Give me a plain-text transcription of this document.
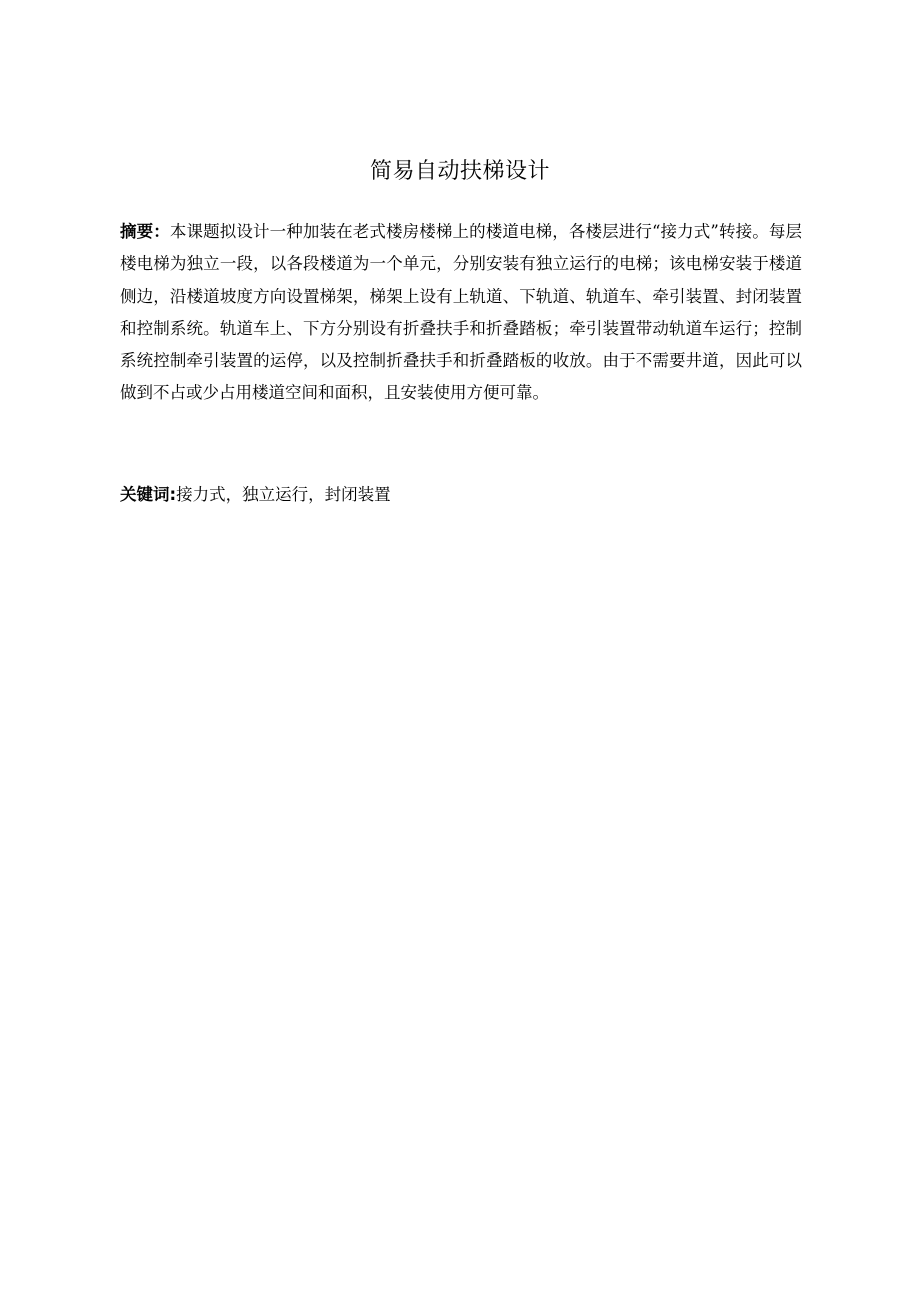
简易自动扶梯设计

摘要：本课题拟设计一种加装在老式楼房楼梯上的楼道电梯，各楼层进行“接力式”转接。每层楼电梯为独立一段，以各段楼道为一个单元，分别安装有独立运行的电梯；该电梯安装于楼道侧边，沿楼道坡度方向设置梯架，梯架上设有上轨道、下轨道、轨道车、牵引装置、封闭装置和控制系统。轨道车上、下方分别设有折叠扶手和折叠踏板；牵引装置带动轨道车运行；控制系统控制牵引装置的运停，以及控制折叠扶手和折叠踏板的收放。由于不需要井道，因此可以做到不占或少占用楼道空间和面积，且安装使用方便可靠。

关键词:接力式，独立运行，封闭装置
